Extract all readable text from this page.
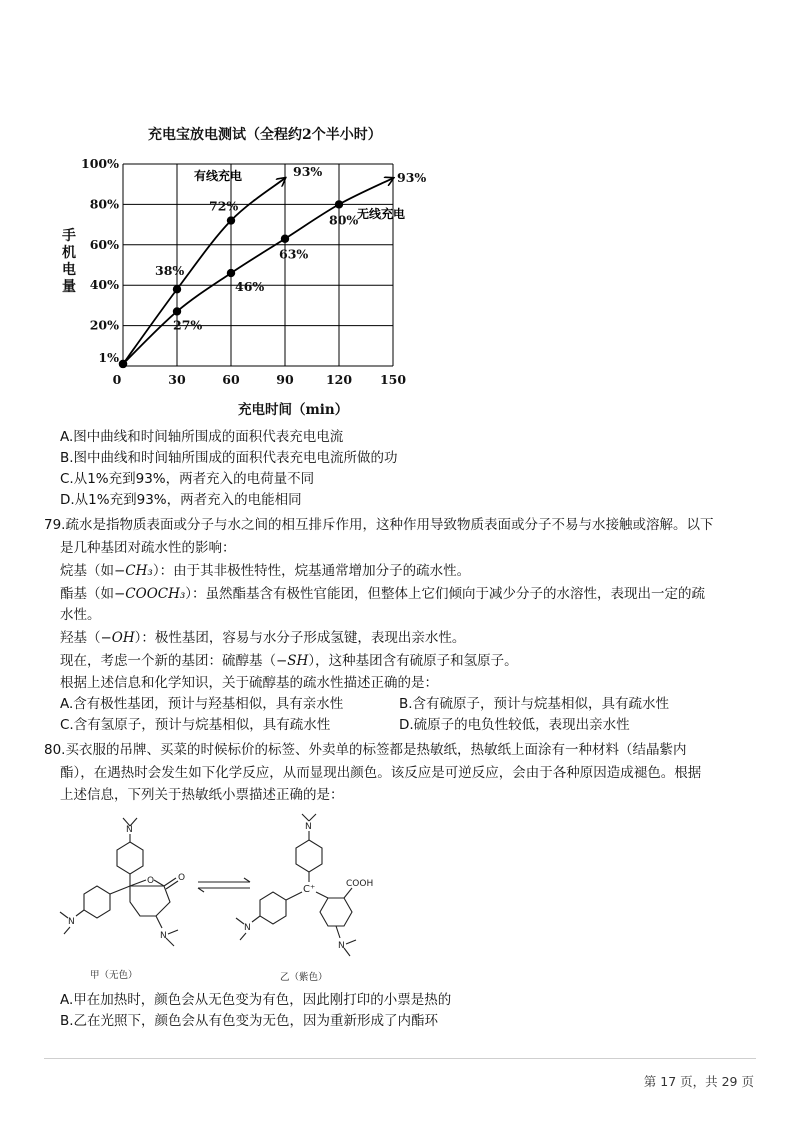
充电宝放电测试（全程约2个半小时）
100%
80%
60%
40%
20%
1%
0	30	60	90	120 150
38%
72%
93%
27%
46%
63%
80%
93%
有线充电
无线充电
手机电量
充电时间（min）
A.图中曲线和时间轴所围成的面积代表充电电流
B.图中曲线和时间轴所围成的面积代表充电电流所做的功
C.从1%充到93%，两者充入的电荷量不同
D.从1%充到93%，两者充入的电能相同
79.疏水是指物质表面或分子与水之间的相互排斥作用，这种作用导致物质表面或分子不易与水接触或溶解。以下
是几种基团对疏水性的影响：
烷基（如−CH₃）：由于其非极性特性，烷基通常增加分子的疏水性。
酯基（如−COOCH₃）：虽然酯基含有极性官能团，但整体上它们倾向于减少分子的水溶性，表现出一定的疏
水性。
羟基（−OH）：极性基团，容易与水分子形成氢键，表现出亲水性。
现在，考虑一个新的基团：硫醇基（−SH），这种基团含有硫原子和氢原子。
根据上述信息和化学知识，关于硫醇基的疏水性描述正确的是：
A.含有极性基团，预计与羟基相似，具有亲水性	B.含有硫原子，预计与烷基相似，具有疏水性
C.含有氢原子，预计与烷基相似，具有疏水性	D.硫原子的电负性较低，表现出亲水性
80.买衣服的吊牌、买菜的时候标价的标签、外卖单的标签都是热敏纸，热敏纸上面涂有一种材料（结晶紫内
酯），在遇热时会发生如下化学反应，从而显现出颜色。该反应是可逆反应，会由于各种原因造成褪色。根据
上述信息，下列关于热敏纸小票描述正确的是：
N
N
O	O
N
N
N
N
C⁺	COOH
甲（无色）	乙（紫色）
A.甲在加热时，颜色会从无色变为有色，因此刚打印的小票是热的
B.乙在光照下，颜色会从有色变为无色，因为重新形成了内酯环
第 17 页，共 29 页
